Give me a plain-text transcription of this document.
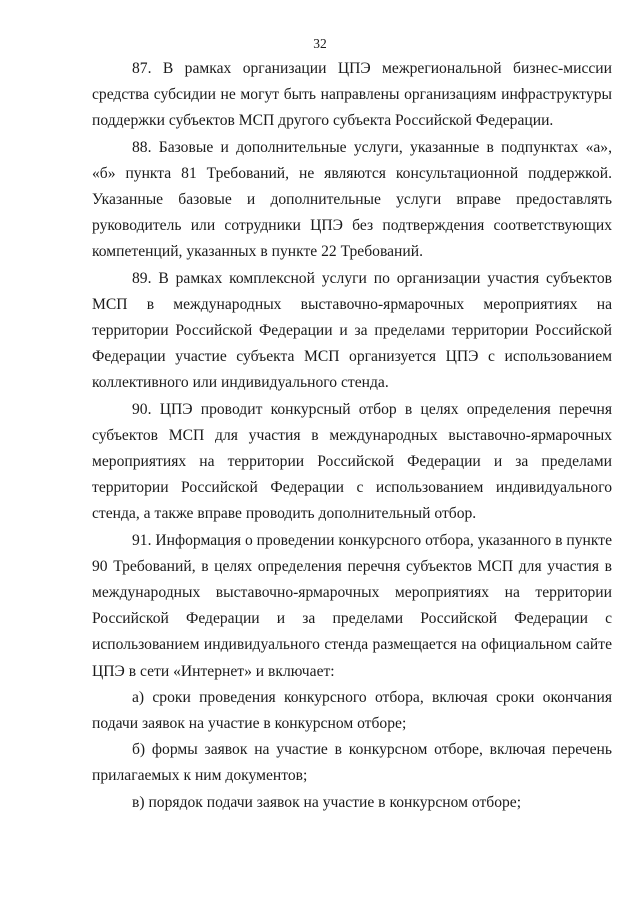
32

87. В рамках организации ЦПЭ межрегиональной бизнес-миссии средства субсидии не могут быть направлены организациям инфраструктуры поддержки субъектов МСП другого субъекта Российской Федерации.

88. Базовые и дополнительные услуги, указанные в подпунктах «а», «б» пункта 81 Требований, не являются консультационной поддержкой. Указанные базовые и дополнительные услуги вправе предоставлять руководитель или сотрудники ЦПЭ без подтверждения соответствующих компетенций, указанных в пункте 22 Требований.

89. В рамках комплексной услуги по организации участия субъектов МСП в международных выставочно-ярмарочных мероприятиях на территории Российской Федерации и за пределами территории Российской Федерации участие субъекта МСП организуется ЦПЭ с использованием коллективного или индивидуального стенда.

90. ЦПЭ проводит конкурсный отбор в целях определения перечня субъектов МСП для участия в международных выставочно-ярмарочных мероприятиях на территории Российской Федерации и за пределами территории Российской Федерации с использованием индивидуального стенда, а также вправе проводить дополнительный отбор.

91. Информация о проведении конкурсного отбора, указанного в пункте 90 Требований, в целях определения перечня субъектов МСП для участия в международных выставочно-ярмарочных мероприятиях на территории Российской Федерации и за пределами Российской Федерации с использованием индивидуального стенда размещается на официальном сайте ЦПЭ в сети «Интернет» и включает:

а) сроки проведения конкурсного отбора, включая сроки окончания подачи заявок на участие в конкурсном отборе;

б) формы заявок на участие в конкурсном отборе, включая перечень прилагаемых к ним документов;

в) порядок подачи заявок на участие в конкурсном отборе;
